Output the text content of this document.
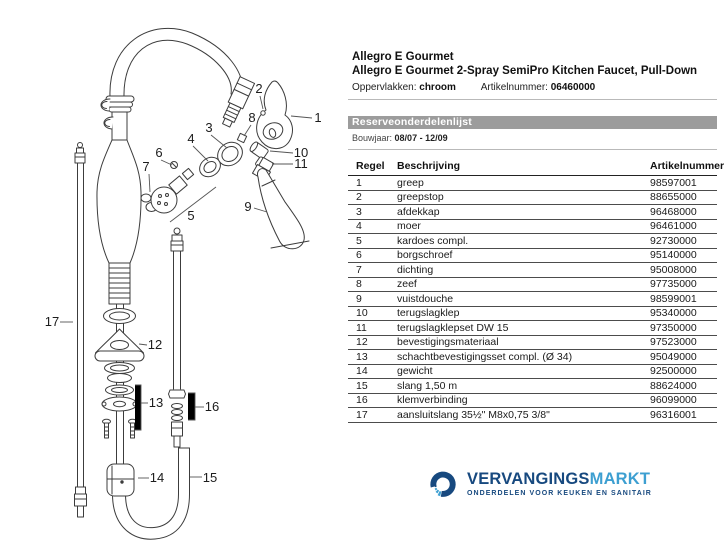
1
2
3
4
5
6
7
8
9
10
11
12
13
14	15
16
17
Allegro E Gourmet
Allegro E Gourmet 2-Spray SemiPro Kitchen Faucet, Pull-Down
Oppervlakken: chroom Artikelnummer: 06460000
Reserveonderdelenlijst
Bouwjaar: 08/07 - 12/09
Regel	Beschrijving	Artikelnummer
1	greep	98597001
2	greepstop	88655000
3	afdekkap	96468000
4	moer	96461000
5	kardoes compl.	92730000
6	borgschroef	95140000
7	dichting	95008000
8	zeef	97735000
9	vuistdouche	98599001
10	terugslagklep	95340000
11	terugslagklepset DW 15	97350000
12	bevestigingsmateriaal	97523000
13	schachtbevestigingsset compl. (Ø 34)	95049000
14	gewicht	92500000
15	slang 1,50 m	88624000
16	klemverbinding	96099000
17	aansluitslang 35½" M8x0,75 3/8"	96316001
VERVANGINGSMARKT
ONDERDELEN VOOR KEUKEN EN SANITAIR
